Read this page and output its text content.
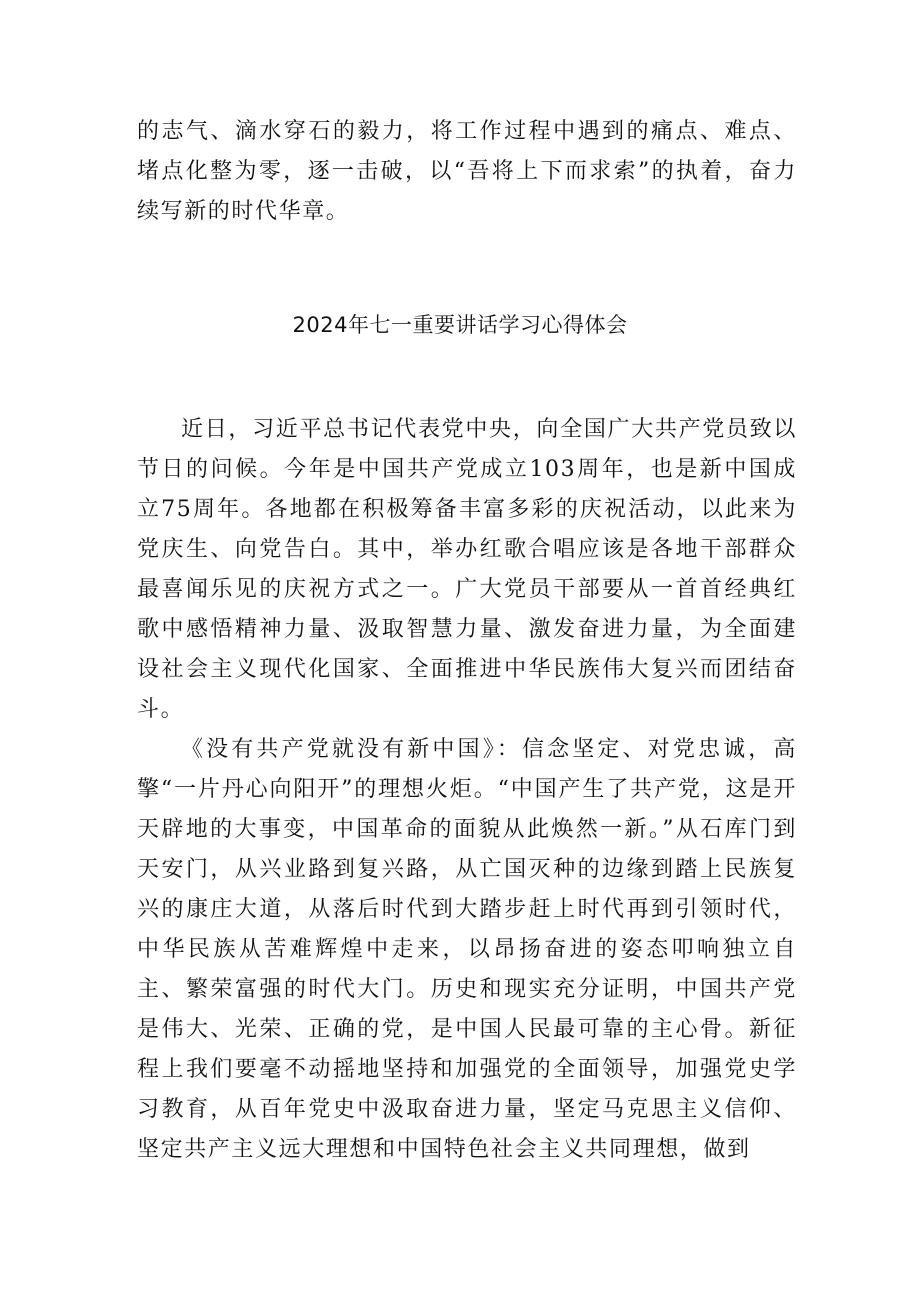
的志气、滴水穿石的毅力，将工作过程中遇到的痛点、难点、堵点化整为零，逐一击破，以“吾将上下而求索”的执着，奋力续写新的时代华章。
2024年七一重要讲话学习心得体会

近日，习近平总书记代表党中央，向全国广大共产党员致以节日的问候。今年是中国共产党成立103周年，也是新中国成立75周年。各地都在积极筹备丰富多彩的庆祝活动，以此来为党庆生、向党告白。其中，举办红歌合唱应该是各地干部群众最喜闻乐见的庆祝方式之一。广大党员干部要从一首首经典红歌中感悟精神力量、汲取智慧力量、激发奋进力量，为全面建设社会主义现代化国家、全面推进中华民族伟大复兴而团结奋斗。

《没有共产党就没有新中国》：信念坚定、对党忠诚，高擎“一片丹心向阳开”的理想火炬。“中国产生了共产党，这是开天辟地的大事变，中国革命的面貌从此焕然一新。”从石库门到天安门，从兴业路到复兴路，从亡国灭种的边缘到踏上民族复兴的康庄大道，从落后时代到大踏步赶上时代再到引领时代，中华民族从苦难辉煌中走来，以昂扬奋进的姿态叩响独立自主、繁荣富强的时代大门。历史和现实充分证明，中国共产党是伟大、光荣、正确的党，是中国人民最可靠的主心骨。新征程上我们要毫不动摇地坚持和加强党的全面领导，加强党史学习教育，从百年党史中汲取奋进力量，坚定马克思主义信仰、坚定共产主义远大理想和中国特色社会主义共同理想，做到
